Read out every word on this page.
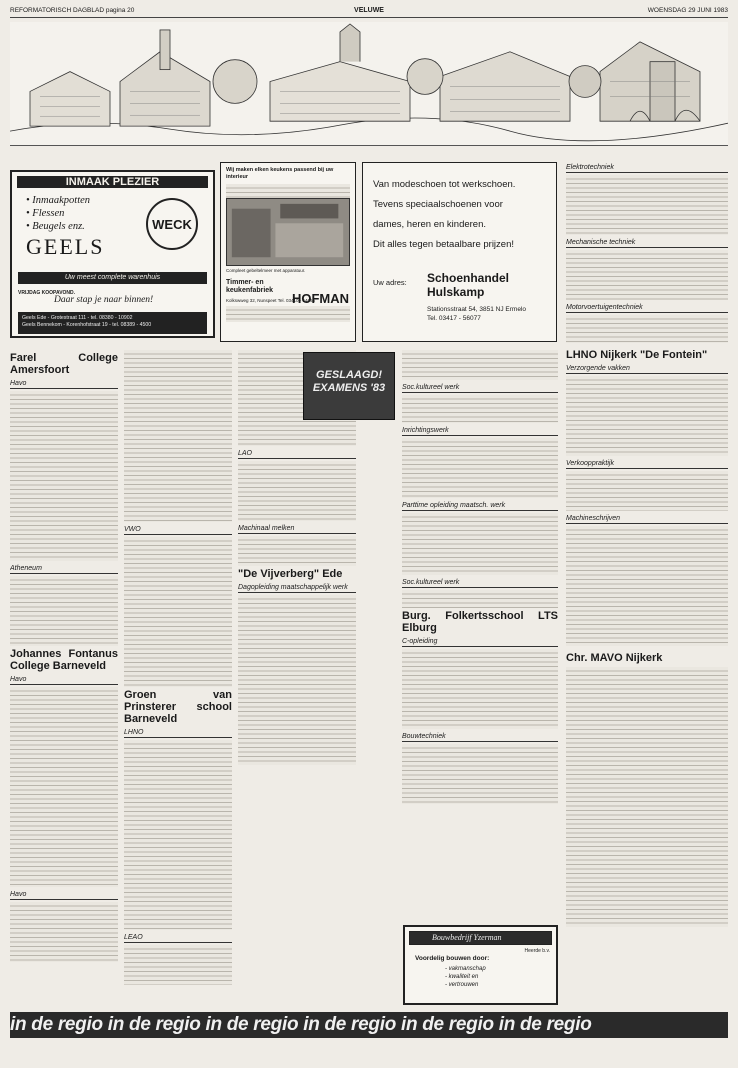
REFORMATORISCH DAGBLAD pagina 20	VELUWE	WOENSDAG 29 JUNI 1983
INMAAK PLEZIER
• Inmaakpotten
• Flessen
• Beugels enz.
GEELS
WECK
Uw meest complete warenhuis
VRIJDAG KOOPAVOND.
Daar stap je naar binnen!
Geels Ede - Grotestraat 111 - tel. 08380 - 10902
Geels Bennekom - Korenhofstraat 19 - tel. 08389 - 4500
Wij maken elken keukens passend bij uw interieur
Compleet gebeltelmeer met apparatuur.
Timmer- en
keukenfabriek
HOFMAN
Kolkswweg 32, Nunspeet Tel. 03410 - 54666
Van modeschoen tot werkschoen.
Tevens speciaalschoenen voor
dames, heren en kinderen.
Dit alles tegen betaalbare prijzen!
Uw adres: Schoenhandel
Hulskamp
Stationsstraat 54, 3851 NJ Ermelo
Tel. 03417 - 56077
Elektrotechniek
Mechanische techniek
Motorvoertuigentechniek
LHNO Nijkerk "De Fontein"
Verzorgende vakken
Verkooppraktijk
Machineschrijven
Chr. MAVO Nijkerk
Farel College Amersfoort
Havo
Atheneum
Johannes Fontanus College Barneveld
Havo
Havo
VWO
Groen van Prinsterer school Barneveld
LHNO
LEAO
LAO
Machinaal melken
"De Vijverberg" Ede
Dagopleiding maatschappelijk werk
GESLAAGD!
EXAMENS '83	Soc.kultureel werk
Inrichtingswerk
Parttime opleiding maatsch. werk
Soc.kultureel werk
Burg. Folkertsschool LTS Elburg
C-opleiding
Bouwtechniek
Bouwbedrijf Yzerman
Heerde b.v.
Voordelig bouwen door:
- vakmanschap
- kwaliteit en
- vertrouwen
in de regio in de regio in de regio in de regio in de regio in de regio
